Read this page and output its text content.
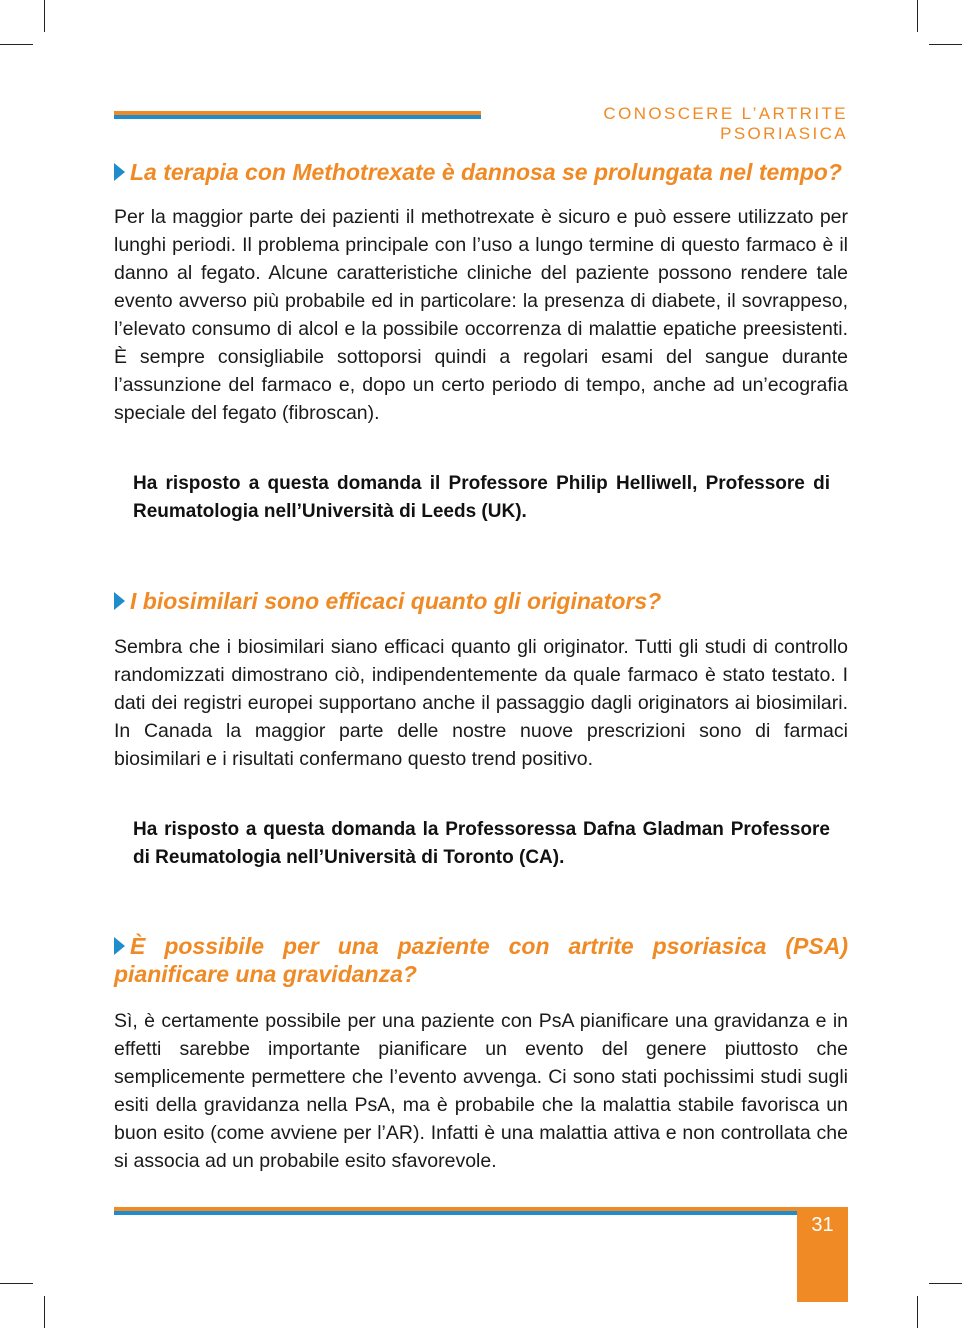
CONOSCERE L’ARTRITE PSORIASICA
La terapia con Methotrexate è dannosa se prolungata nel tempo?

Per la maggior parte dei pazienti il methotrexate è sicuro e può essere utilizzato per lunghi periodi. Il problema principale con l’uso a lungo termine di questo farmaco è il danno al fegato. Alcune caratteristiche cliniche del paziente possono rendere tale evento avverso più probabile ed in particolare: la presenza di diabete, il sovrappeso, l’elevato consumo di alcol e la possibile occorrenza di malattie epatiche preesistenti. È sempre consigliabile sottoporsi quindi a regolari esami del sangue durante l’assunzione del farmaco e, dopo un certo periodo di tempo, anche ad un’ecografia speciale del fegato (fibroscan).

Ha risposto a questa domanda il Professore Philip Helliwell, Professore di Reumatologia nell’Università di Leeds (UK).

I biosimilari sono efficaci quanto gli originators?

Sembra che i biosimilari siano efficaci quanto gli originator. Tutti gli studi di controllo randomizzati dimostrano ciò, indipendentemente da quale farmaco è stato testato. I dati dei registri europei supportano anche il passaggio dagli originators ai biosimilari. In Canada la maggior parte delle nostre nuove prescrizioni sono di farmaci biosimilari e i risultati confermano questo trend positivo.

Ha risposto a questa domanda la Professoressa Dafna Gladman Professore di Reumatologia nell’Università di Toronto (CA).

È possibile per una paziente con artrite psoriasica (PSA) pianificare una gravidanza?

Sì, è certamente possibile per una paziente con PsA pianificare una gravidanza e in effetti sarebbe importante pianificare un evento del genere piuttosto che semplicemente permettere che l’evento avvenga. Ci sono stati pochissimi studi sugli esiti della gravidanza nella PsA, ma è probabile che la malattia stabile favorisca un buon esito (come avviene per l’AR). Infatti è una malattia attiva e non controllata che si associa ad un probabile esito sfavorevole.

31
